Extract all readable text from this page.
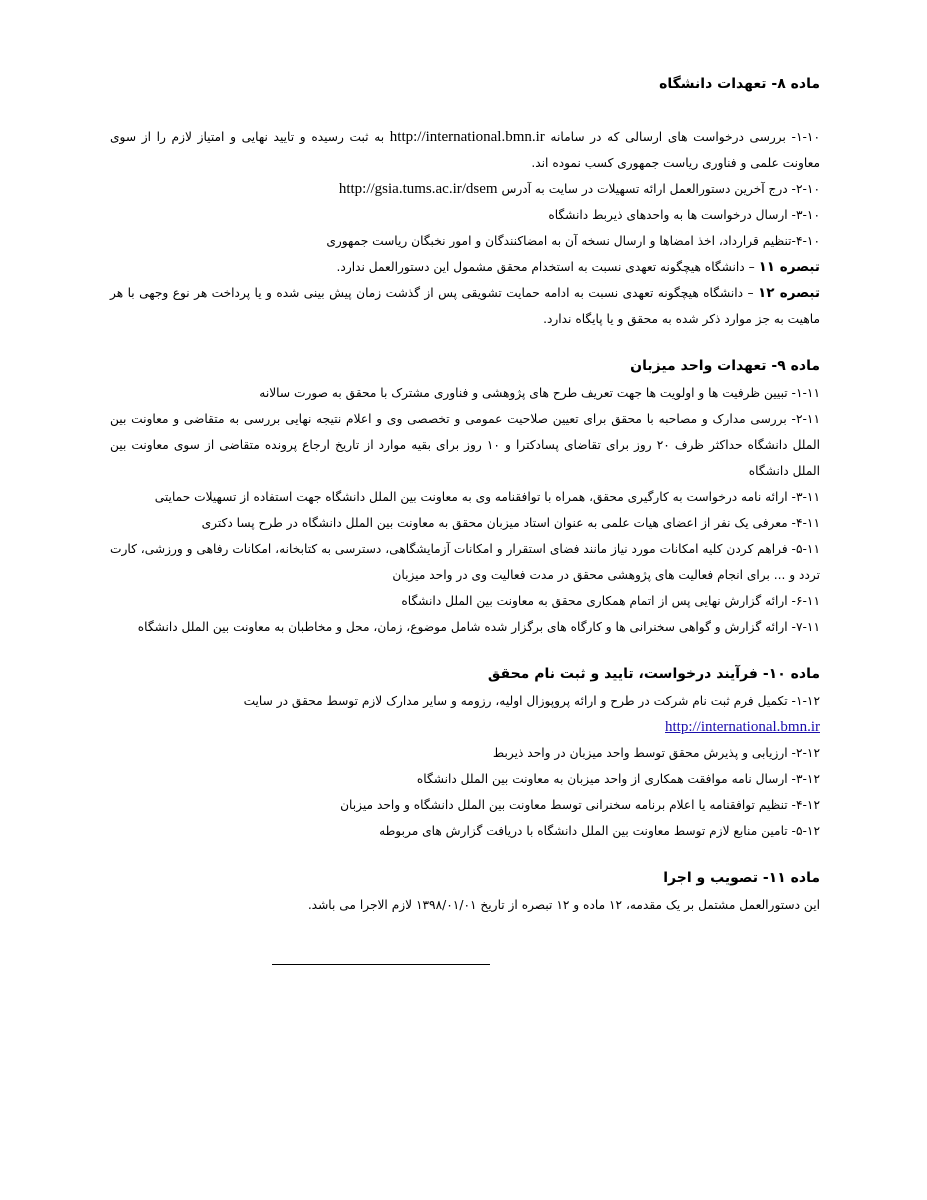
ماده ۸- تعهدات دانشگاه

۱-۱۰- بررسی درخواست های ارسالی که در سامانه http://international.bmn.ir به ثبت رسیده و تایید نهایی و امتیاز لازم را از سوی معاونت علمی و فناوری ریاست جمهوری کسب نموده اند.

۲-۱۰- درج آخرین دستورالعمل ارائه تسهیلات در سایت به آدرس http://gsia.tums.ac.ir/dsem

۳-۱۰- ارسال درخواست ها به واحدهای ذیربط دانشگاه

۴-۱۰-تنظیم قرارداد، اخذ امضاها و ارسال نسخه آن به امضاکنندگان و امور نخبگان ریاست جمهوری

تبصره ۱۱ – دانشگاه هیچگونه تعهدی نسبت به استخدام محقق مشمول این دستورالعمل ندارد.

تبصره ۱۲ – دانشگاه هیچگونه تعهدی نسبت به ادامه حمایت تشویقی پس از گذشت زمان پیش بینی شده و یا پرداخت هر نوع وجهی با هر ماهیت به جز موارد ذکر شده به محقق و یا پایگاه ندارد.

ماده ۹- تعهدات واحد میزبان

۱-۱۱- تبیین ظرفیت ها و اولویت ها جهت تعریف طرح های پژوهشی و فناوری مشترک با محقق به صورت سالانه

۲-۱۱- بررسی مدارک و مصاحبه با محقق برای تعیین صلاحیت عمومی و تخصصی وی و اعلام نتیجه نهایی بررسی به متقاضی و معاونت بین الملل دانشگاه حداکثر ظرف ۲۰ روز برای تقاضای پسادکترا و ۱۰ روز برای بقیه موارد از تاریخ ارجاع پرونده متقاضی از سوی معاونت بین الملل دانشگاه

۳-۱۱- ارائه نامه درخواست به کارگیری محقق، همراه با توافقنامه وی به معاونت بین الملل دانشگاه جهت استفاده از تسهیلات حمایتی

۴-۱۱- معرفی یک نفر از اعضای هیات علمی به عنوان استاد میزبان محقق به معاونت بین الملل دانشگاه در طرح پسا دکتری

۵-۱۱- فراهم کردن کلیه امکانات مورد نیاز مانند فضای استقرار و امکانات آزمایشگاهی، دسترسی به کتابخانه، امکانات رفاهی و ورزشی، کارت تردد و ... برای انجام فعالیت های پژوهشی محقق در مدت فعالیت وی در واحد میزبان

۶-۱۱- ارائه گزارش نهایی پس از اتمام همکاری محقق به معاونت بین الملل دانشگاه

۷-۱۱- ارائه گزارش و گواهی سخنرانی ها و کارگاه های برگزار شده شامل موضوع، زمان، محل و مخاطبان به معاونت بین الملل دانشگاه

ماده ۱۰- فرآیند درخواست، تایید و ثبت نام محقق

۱-۱۲- تکمیل فرم ثبت نام شرکت در طرح و ارائه پروپوزال اولیه، رزومه و سایر مدارک لازم توسط محقق در سایت

http://international.bmn.ir

۲-۱۲- ارزیابی و پذیرش محقق توسط واحد میزبان در واحد ذیربط

۳-۱۲- ارسال نامه موافقت همکاری از واحد میزبان به معاونت بین الملل دانشگاه

۴-۱۲- تنظیم توافقنامه یا اعلام برنامه سخنرانی توسط معاونت بین الملل دانشگاه و واحد میزبان

۵-۱۲- تامین منابع لازم توسط معاونت بین الملل دانشگاه با دریافت گزارش های مربوطه

ماده ۱۱- تصویب و اجرا

این دستورالعمل مشتمل بر یک مقدمه، ۱۲ ماده و ۱۲ تبصره از تاریخ ۱۳۹۸/۰۱/۰۱ لازم الاجرا می باشد.
